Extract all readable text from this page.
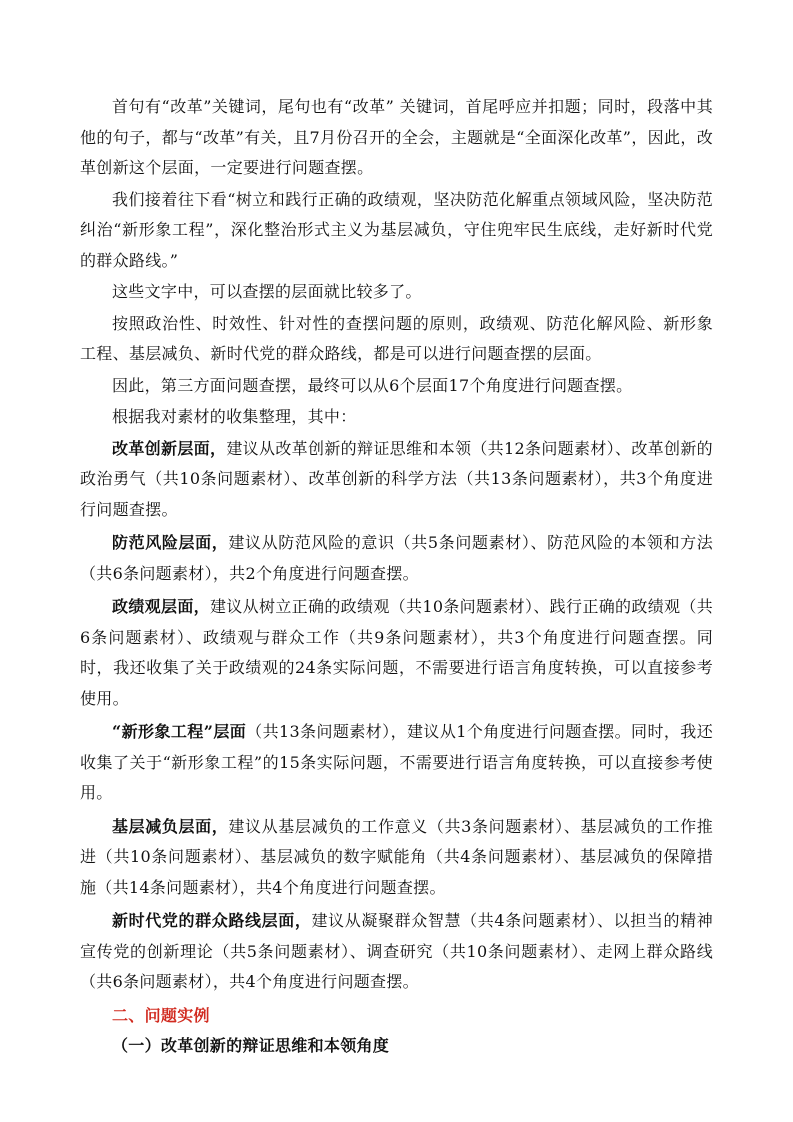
首句有“改革”关键词，尾句也有“改革” 关键词，首尾呼应并扣题；同时，段落中其他的句子，都与“改革”有关，且7月份召开的全会，主题就是“全面深化改革”，因此，改革创新这个层面，一定要进行问题查摆。

我们接着往下看“树立和践行正确的政绩观，坚决防范化解重点领域风险，坚决防范纠治“新形象工程”，深化整治形式主义为基层减负，守住兜牢民生底线，走好新时代党的群众路线。”

这些文字中，可以查摆的层面就比较多了。

按照政治性、时效性、针对性的查摆问题的原则，政绩观、防范化解风险、新形象工程、基层减负、新时代党的群众路线，都是可以进行问题查摆的层面。

因此，第三方面问题查摆，最终可以从6个层面17个角度进行问题查摆。

根据我对素材的收集整理，其中：

改革创新层面，建议从改革创新的辩证思维和本领（共12条问题素材）、改革创新的政治勇气（共10条问题素材）、改革创新的科学方法（共13条问题素材），共3个角度进行问题查摆。

防范风险层面，建议从防范风险的意识（共5条问题素材）、防范风险的本领和方法（共6条问题素材），共2个角度进行问题查摆。

政绩观层面，建议从树立正确的政绩观（共10条问题素材）、践行正确的政绩观（共6条问题素材）、政绩观与群众工作（共9条问题素材），共3个角度进行问题查摆。同时，我还收集了关于政绩观的24条实际问题，不需要进行语言角度转换，可以直接参考使用。

“新形象工程”层面（共13条问题素材），建议从1个角度进行问题查摆。同时，我还收集了关于“新形象工程”的15条实际问题，不需要进行语言角度转换，可以直接参考使用。

基层减负层面，建议从基层减负的工作意义（共3条问题素材）、基层减负的工作推进（共10条问题素材）、基层减负的数字赋能角（共4条问题素材）、基层减负的保障措施（共14条问题素材），共4个角度进行问题查摆。

新时代党的群众路线层面，建议从凝聚群众智慧（共4条问题素材）、以担当的精神宣传党的创新理论（共5条问题素材）、调查研究（共10条问题素材）、走网上群众路线（共6条问题素材），共4个角度进行问题查摆。

二、问题实例

（一）改革创新的辩证思维和本领角度
